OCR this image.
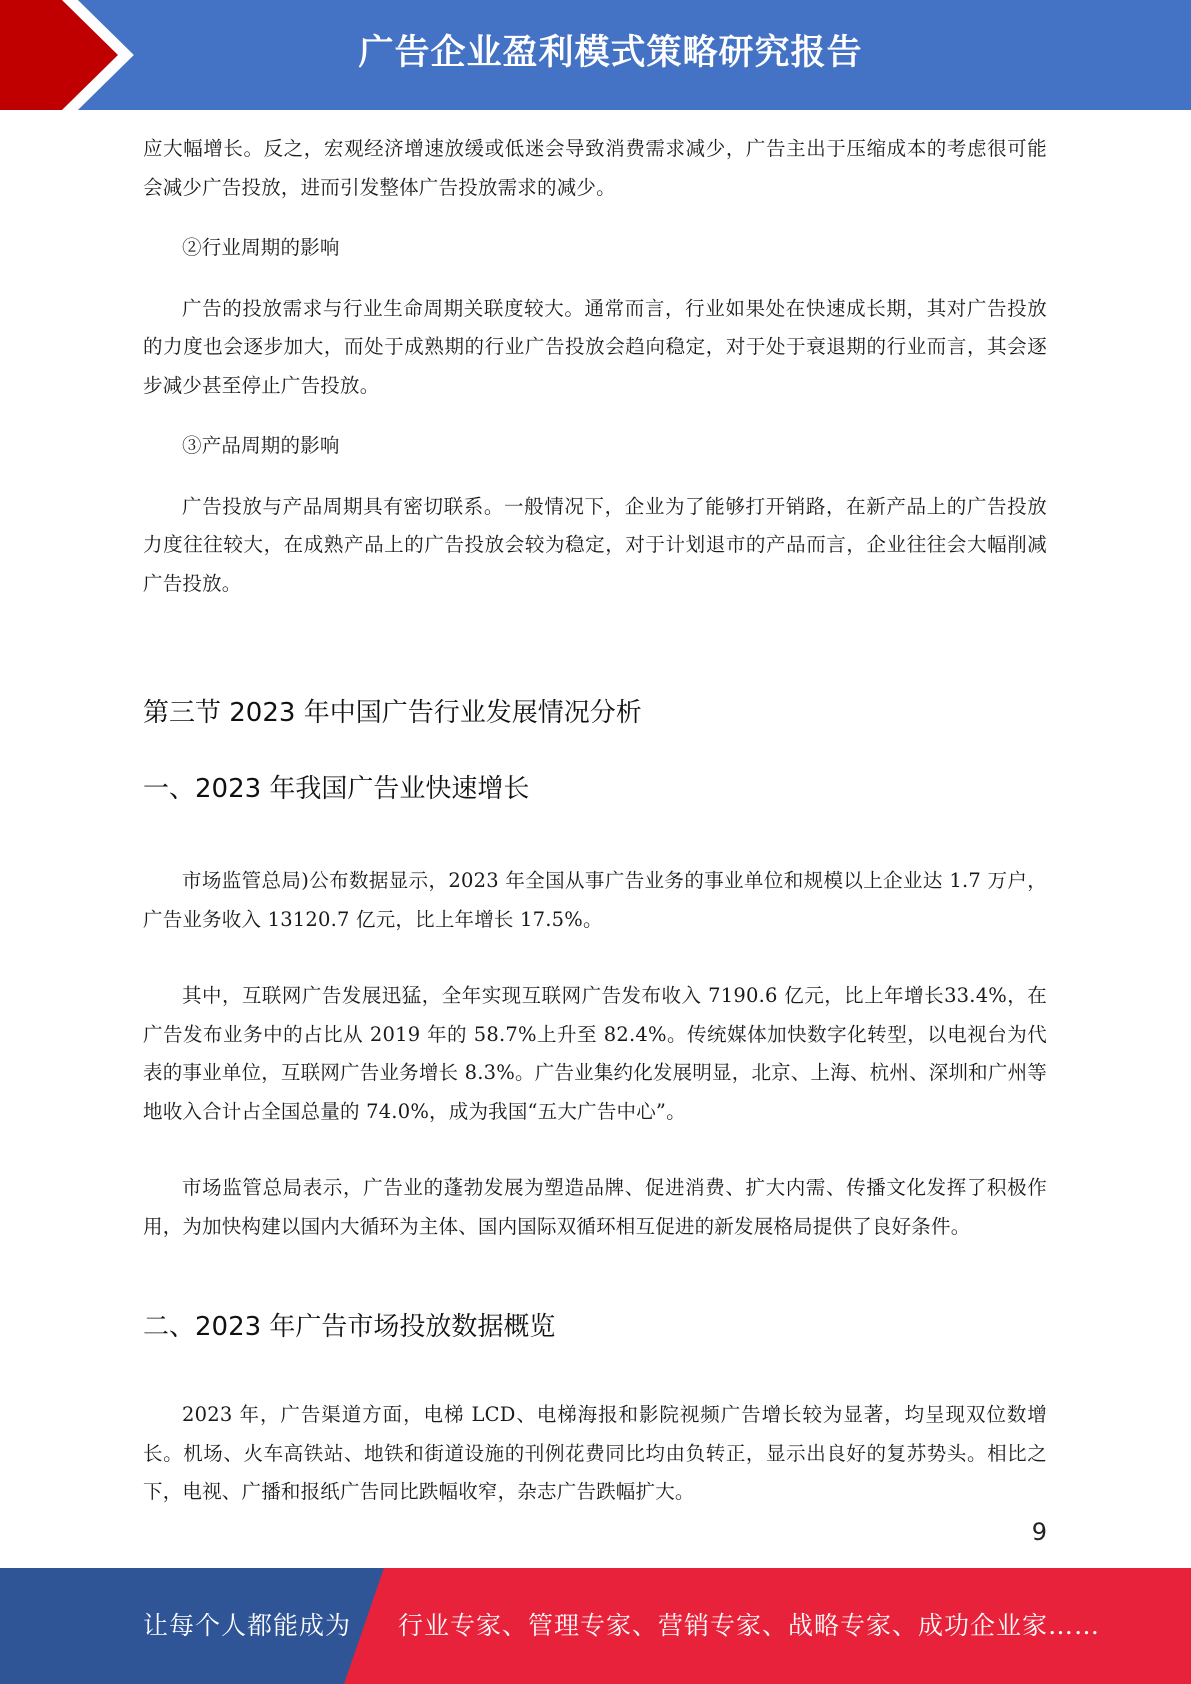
广告企业盈利模式策略研究报告

应大幅增长。反之，宏观经济增速放缓或低迷会导致消费需求减少，广告主出于压缩成本的考虑很可能会减少广告投放，进而引发整体广告投放需求的减少。

②行业周期的影响

广告的投放需求与行业生命周期关联度较大。通常而言，行业如果处在快速成长期，其对广告投放的力度也会逐步加大，而处于成熟期的行业广告投放会趋向稳定，对于处于衰退期的行业而言，其会逐步减少甚至停止广告投放。

③产品周期的影响

广告投放与产品周期具有密切联系。一般情况下，企业为了能够打开销路，在新产品上的广告投放力度往往较大，在成熟产品上的广告投放会较为稳定，对于计划退市的产品而言，企业往往会大幅削减广告投放。

第三节 2023 年中国广告行业发展情况分析
一、2023 年我国广告业快速增长

市场监管总局)公布数据显示，2023 年全国从事广告业务的事业单位和规模以上企业达 1.7 万户，广告业务收入 13120.7 亿元，比上年增长 17.5%。

其中，互联网广告发展迅猛，全年实现互联网广告发布收入 7190.6 亿元，比上年增长33.4%，在广告发布业务中的占比从 2019 年的 58.7%上升至 82.4%。传统媒体加快数字化转型，以电视台为代表的事业单位，互联网广告业务增长 8.3%。广告业集约化发展明显，北京、上海、杭州、深圳和广州等地收入合计占全国总量的 74.0%，成为我国“五大广告中心”。

市场监管总局表示，广告业的蓬勃发展为塑造品牌、促进消费、扩大内需、传播文化发挥了积极作用，为加快构建以国内大循环为主体、国内国际双循环相互促进的新发展格局提供了良好条件。

二、2023 年广告市场投放数据概览

2023 年，广告渠道方面，电梯 LCD、电梯海报和影院视频广告增长较为显著，均呈现双位数增长。机场、火车高铁站、地铁和街道设施的刊例花费同比均由负转正，显示出良好的复苏势头。相比之下，电视、广播和报纸广告同比跌幅收窄，杂志广告跌幅扩大。

9
让每个人都能成为 行业专家、管理专家、营销专家、战略专家、成功企业家……
